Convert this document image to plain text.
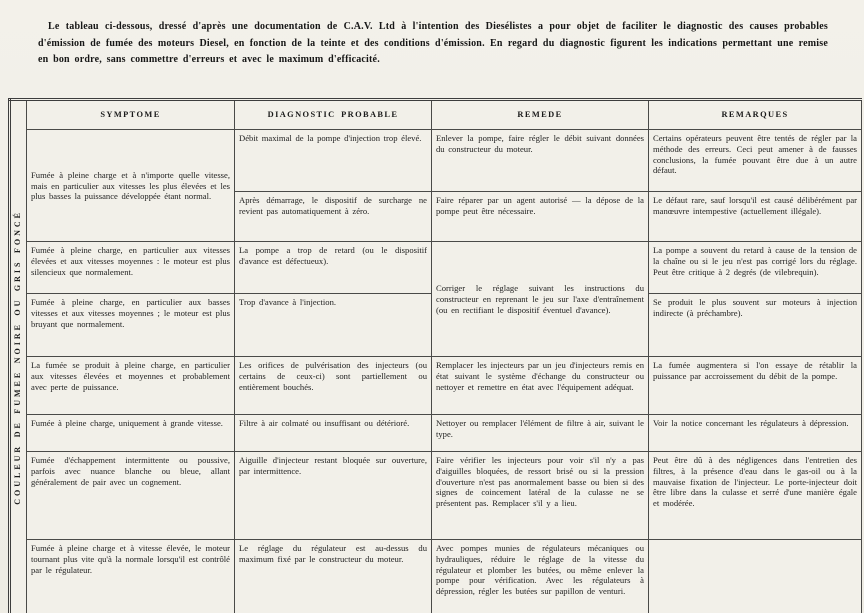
Le tableau ci-dessous, dressé d'après une documentation de C.A.V. Ltd à l'intention des Diesélistes a pour objet de faciliter le diagnostic des causes probables d'émission de fumée des moteurs Diesel, en fonction de la teinte et des conditions d'émission. En regard du diagnostic figurent les indications permettant une remise en bon ordre, sans commettre d'erreurs et avec le maximum d'efficacité.

COULEUR DE FUMEE NOIRE OU GRIS FONCÉ	SYMPTOME	DIAGNOSTIC PROBABLE	REMEDE	REMARQUES
	Fumée à pleine charge et à n'importe quelle vitesse, mais en particulier aux vitesses les plus élevées et les plus basses la puissance développée étant normal.	Débit maximal de la pompe d'injection trop élevé.	Enlever la pompe, faire régler le débit suivant données du constructeur du moteur.	Certains opérateurs peuvent être tentés de régler par la méthode des erreurs. Ceci peut amener à de fausses conclusions, la fumée pouvant être due à un autre défaut.
		Après démarrage, le dispositif de surcharge ne revient pas automatiquement à zéro.	Faire réparer par un agent autorisé — la dépose de la pompe peut être nécessaire.	Le défaut rare, sauf lorsqu'il est causé délibérément par manœuvre intempestive (actuellement illégale).
	Fumée à pleine charge, en particulier aux vitesses élevées et aux vitesses moyennes : le moteur est plus silencieux que normalement.	La pompe a trop de retard (ou le dispositif d'avance est défectueux).	Corriger le réglage suivant les instructions du constructeur en reprenant le jeu sur l'axe d'entraînement (ou en rectifiant le dispositif éventuel d'avance).	La pompe a souvent du retard à cause de la tension de la chaîne ou si le jeu n'est pas corrigé lors du réglage. Peut être critique à 2 degrés (de vilebrequin).
	Fumée à pleine charge, en particulier aux basses vitesses et aux vitesses moyennes ; le moteur est plus bruyant que normalement.	Trop d'avance à l'injection.		Se produit le plus souvent sur moteurs à injection indirecte (à préchambre).
	La fumée se produit à pleine charge, en particulier aux vitesses élevées et moyennes et probablement avec perte de puissance.	Les orifices de pulvérisation des injecteurs (ou certains de ceux-ci) sont partiellement ou entièrement bouchés.	Remplacer les injecteurs par un jeu d'injecteurs remis en état suivant le système d'échange du constructeur ou nettoyer et remettre en état avec l'équipement adéquat.	La fumée augmentera si l'on essaye de rétablir la puissance par accroissement du débit de la pompe.
	Fumée à pleine charge, uniquement à grande vitesse.	Filtre à air colmaté ou insuffisant ou détérioré.	Nettoyer ou remplacer l'élément de filtre à air, suivant le type.	Voir la notice concernant les régulateurs à dépression.
Fumée d'échappement intermittente ou poussive, parfois avec nuance blanche ou bleue, allant généralement de pair avec un cognement.	Aiguille d'injecteur restant bloquée sur ouverture, par intermittence.	Faire vérifier les injecteurs pour voir s'il n'y a pas d'aiguilles bloquées, de ressort brisé ou si la pression d'ouverture n'est pas anormalement basse ou bien si des signes de coincement latéral de la culasse ne se présentent pas. Remplacer s'il y a lieu.	Peut être dû à des négligences dans l'entretien des filtres, à la présence d'eau dans le gas-oil ou à la mauvaise fixation de l'injecteur. Le porte-injecteur doit être libre dans la culasse et serré d'une manière égale et modérée.
	Fumée à pleine charge et à vitesse élevée, le moteur tournant plus vite qu'à la normale lorsqu'il est contrôlé par le régulateur.	Le réglage du régulateur est au-dessus du maximum fixé par le constructeur du moteur.	Avec pompes munies de régulateurs mécaniques ou hydrauliques, réduire le réglage de la vitesse du régulateur et plomber les butées, ou même enlever la pompe pour vérification. Avec les régulateurs à dépression, régler les butées sur papillon de venturi.	
